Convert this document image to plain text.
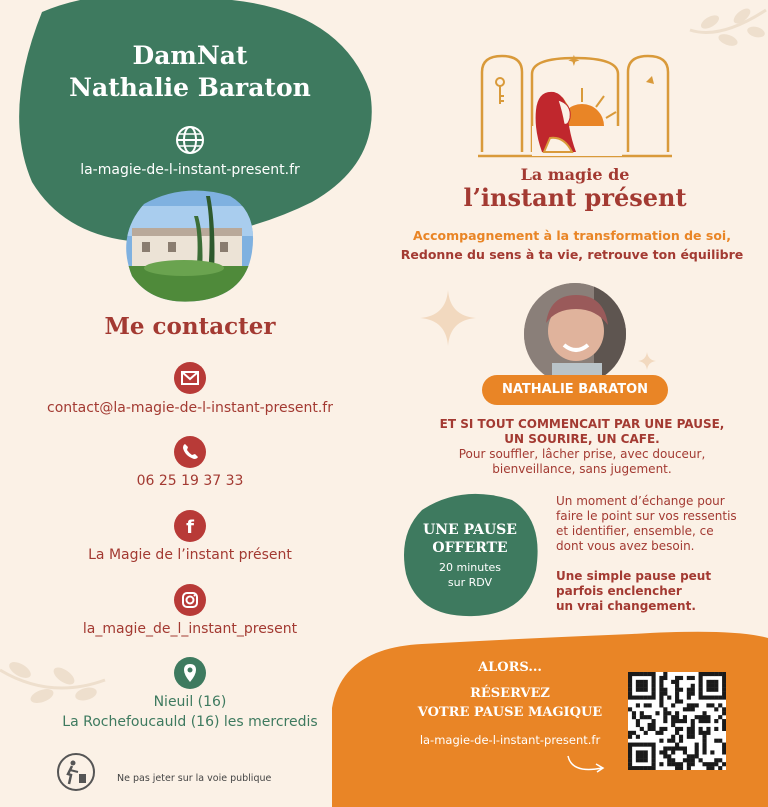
DamNat
Nathalie Baraton
la-magie-de-l-instant-present.fr
Me contacter
contact@la-magie-de-l-instant-present.fr
06 25 19 37 33
f
La Magie de l’instant présent
la_magie_de_l_instant_present
Nieuil (16)
La Rochefoucauld (16) les mercredis
Ne pas jeter sur la voie publique
La magie de
l’instant présent
Accompagnement à la transformation de soi,
Redonne du sens à ta vie, retrouve ton équilibre
NATHALIE BARATON
ET SI TOUT COMMENCAIT PAR UNE PAUSE,
UN SOURIRE, UN CAFE.
Pour souffler, lâcher prise, avec douceur,
bienveillance, sans jugement.
UNE PAUSE
OFFERTE
20 minutes
sur RDV
Un moment d’échange pour
faire le point sur vos ressentis
et identifier, ensemble, ce
dont vous avez besoin.
Une simple pause peut
parfois enclencher
un vrai changement.
ALORS...
RÉSERVEZ
VOTRE PAUSE MAGIQUE
la-magie-de-l-instant-present.fr
